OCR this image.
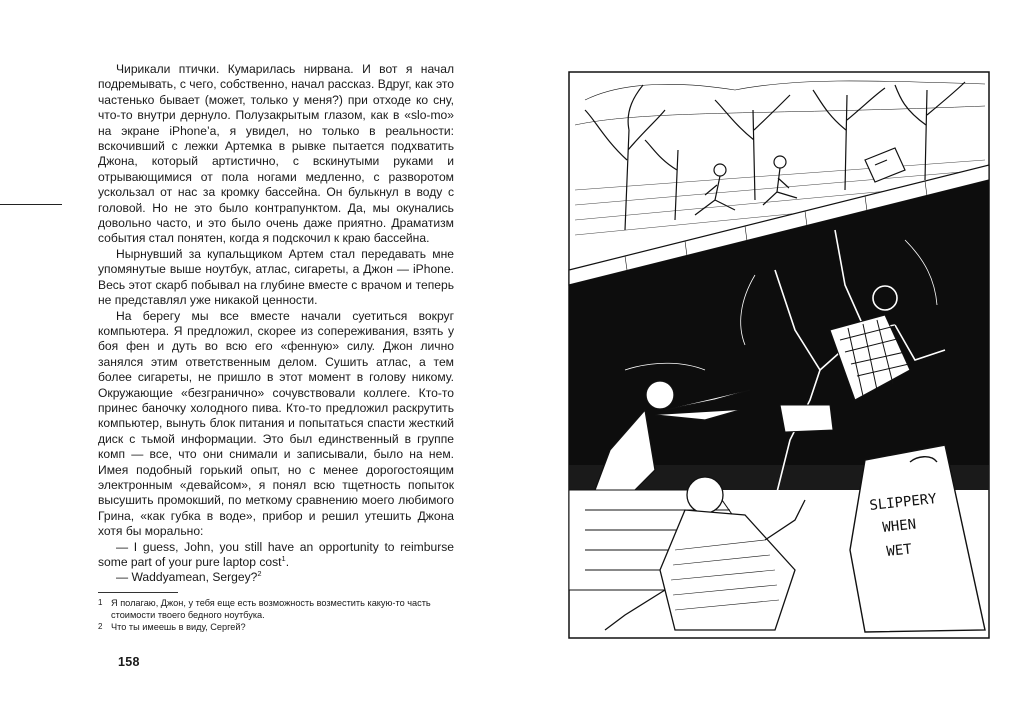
Чирикали птички. Кумарилась нирвана. И вот я начал подремывать, с чего, собственно, начал рассказ. Вдруг, как это частенько бывает (может, только у меня?) при отходе ко сну, что-то внутри дернуло. Полузакрытым глазом, как в «slo-mo» на экране iPhone’a, я увидел, но только в реальности: вскочивший с лежки Артемка в рывке пытается подхватить Джона, который артистично, с вскинутыми руками и отрывающимися от пола ногами медленно, с разворотом ускользал от нас за кромку бассейна. Он булькнул в воду с головой. Но не это было контрапунктом. Да, мы окунались довольно часто, и это было очень даже приятно. Драматизм события стал понятен, когда я подскочил к краю бассейна.

Нырнувший за купальщиком Артем стал передавать мне упомянутые выше ноутбук, атлас, сигареты, а Джон — iPhone. Весь этот скарб побывал на глубине вместе с врачом и теперь не представлял уже никакой ценности.

На берегу мы все вместе начали суетиться вокруг компьютера. Я предложил, скорее из сопереживания, взять у боя фен и дуть во всю его «фенную» силу. Джон лично занялся этим ответственным делом. Сушить атлас, а тем более сигареты, не пришло в этот момент в голову никому. Окружающие «безгранично» сочувствовали коллеге. Кто-то принес баночку холодного пива. Кто-то предложил раскрутить компьютер, вынуть блок питания и попытаться спасти жесткий диск с тьмой информации. Это был единственный в группе комп — все, что они снимали и записывали, было на нем. Имея подобный горький опыт, но с менее дорогостоящим электронным «девайсом», я понял всю тщетность попыток высушить промокший, по меткому сравнению моего любимого Грина, «как губка в воде», прибор и решил утешить Джона хотя бы морально:

— I guess, John, you still have an opportunity to reimburse some part of your pure laptop cost$^1$.

— Waddyamean, Sergey?$^2$

1 Я полагаю, Джон, у тебя еще есть возможность возместить какую-то часть стоимости твоего бедного ноутбука.
2 Что ты имеешь в виду, Сергей?
158
SLIPPERY
WHEN
WET
